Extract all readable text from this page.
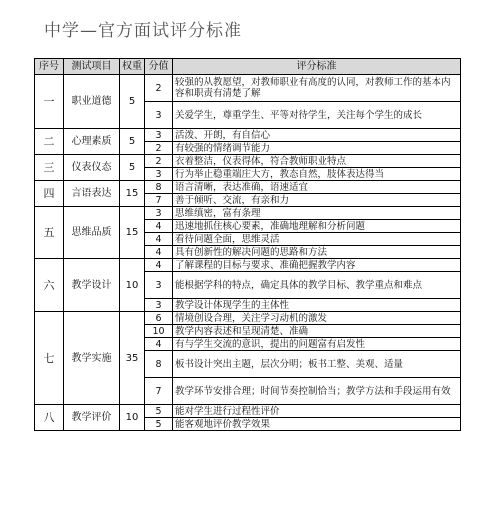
中学—官方面试评分标准
序号	测试项目	权重	分值	评分标准
一	职业道德	5	2	较强的从教愿望，对教师职业有高度的认同，对教师工作的基本内容和职责有清楚了解
			3	关爱学生，尊重学生、平等对待学生，关注每个学生的成长
二	心理素质	5	3	活泼、开朗，有自信心
			2	有较强的情绪调节能力
三	仪表仪态	5	2	衣着整洁，仪表得体，符合教师职业特点
			3	行为举止稳重端庄大方，教态自然，肢体表达得当
四	言语表达	15	8	语言清晰，表达准确，语速适宜
			7	善于倾听、交流，有亲和力
五	思维品质	15	3	思维缜密，富有条理
			4	迅速地抓住核心要素，准确地理解和分析问题
			4	看待问题全面，思维灵活
			4	具有创新性的解决问题的思路和方法
六	教学设计	10	4	了解课程的目标与要求、准确把握教学内容
			3	能根据学科的特点，确定具体的教学目标、教学重点和难点
			3	教学设计体现学生的主体性
七	教学实施	35	6	情境创设合理，关注学习动机的激发
			10	教学内容表述和呈现清楚、准确
			4	有与学生交流的意识，提出的问题富有启发性
			8	板书设计突出主题，层次分明；板书工整、美观、适量
			7	教学环节安排合理；时间节奏控制恰当；教学方法和手段运用有效
八	教学评价	10	5	能对学生进行过程性评价
			5	能客观地评价教学效果
